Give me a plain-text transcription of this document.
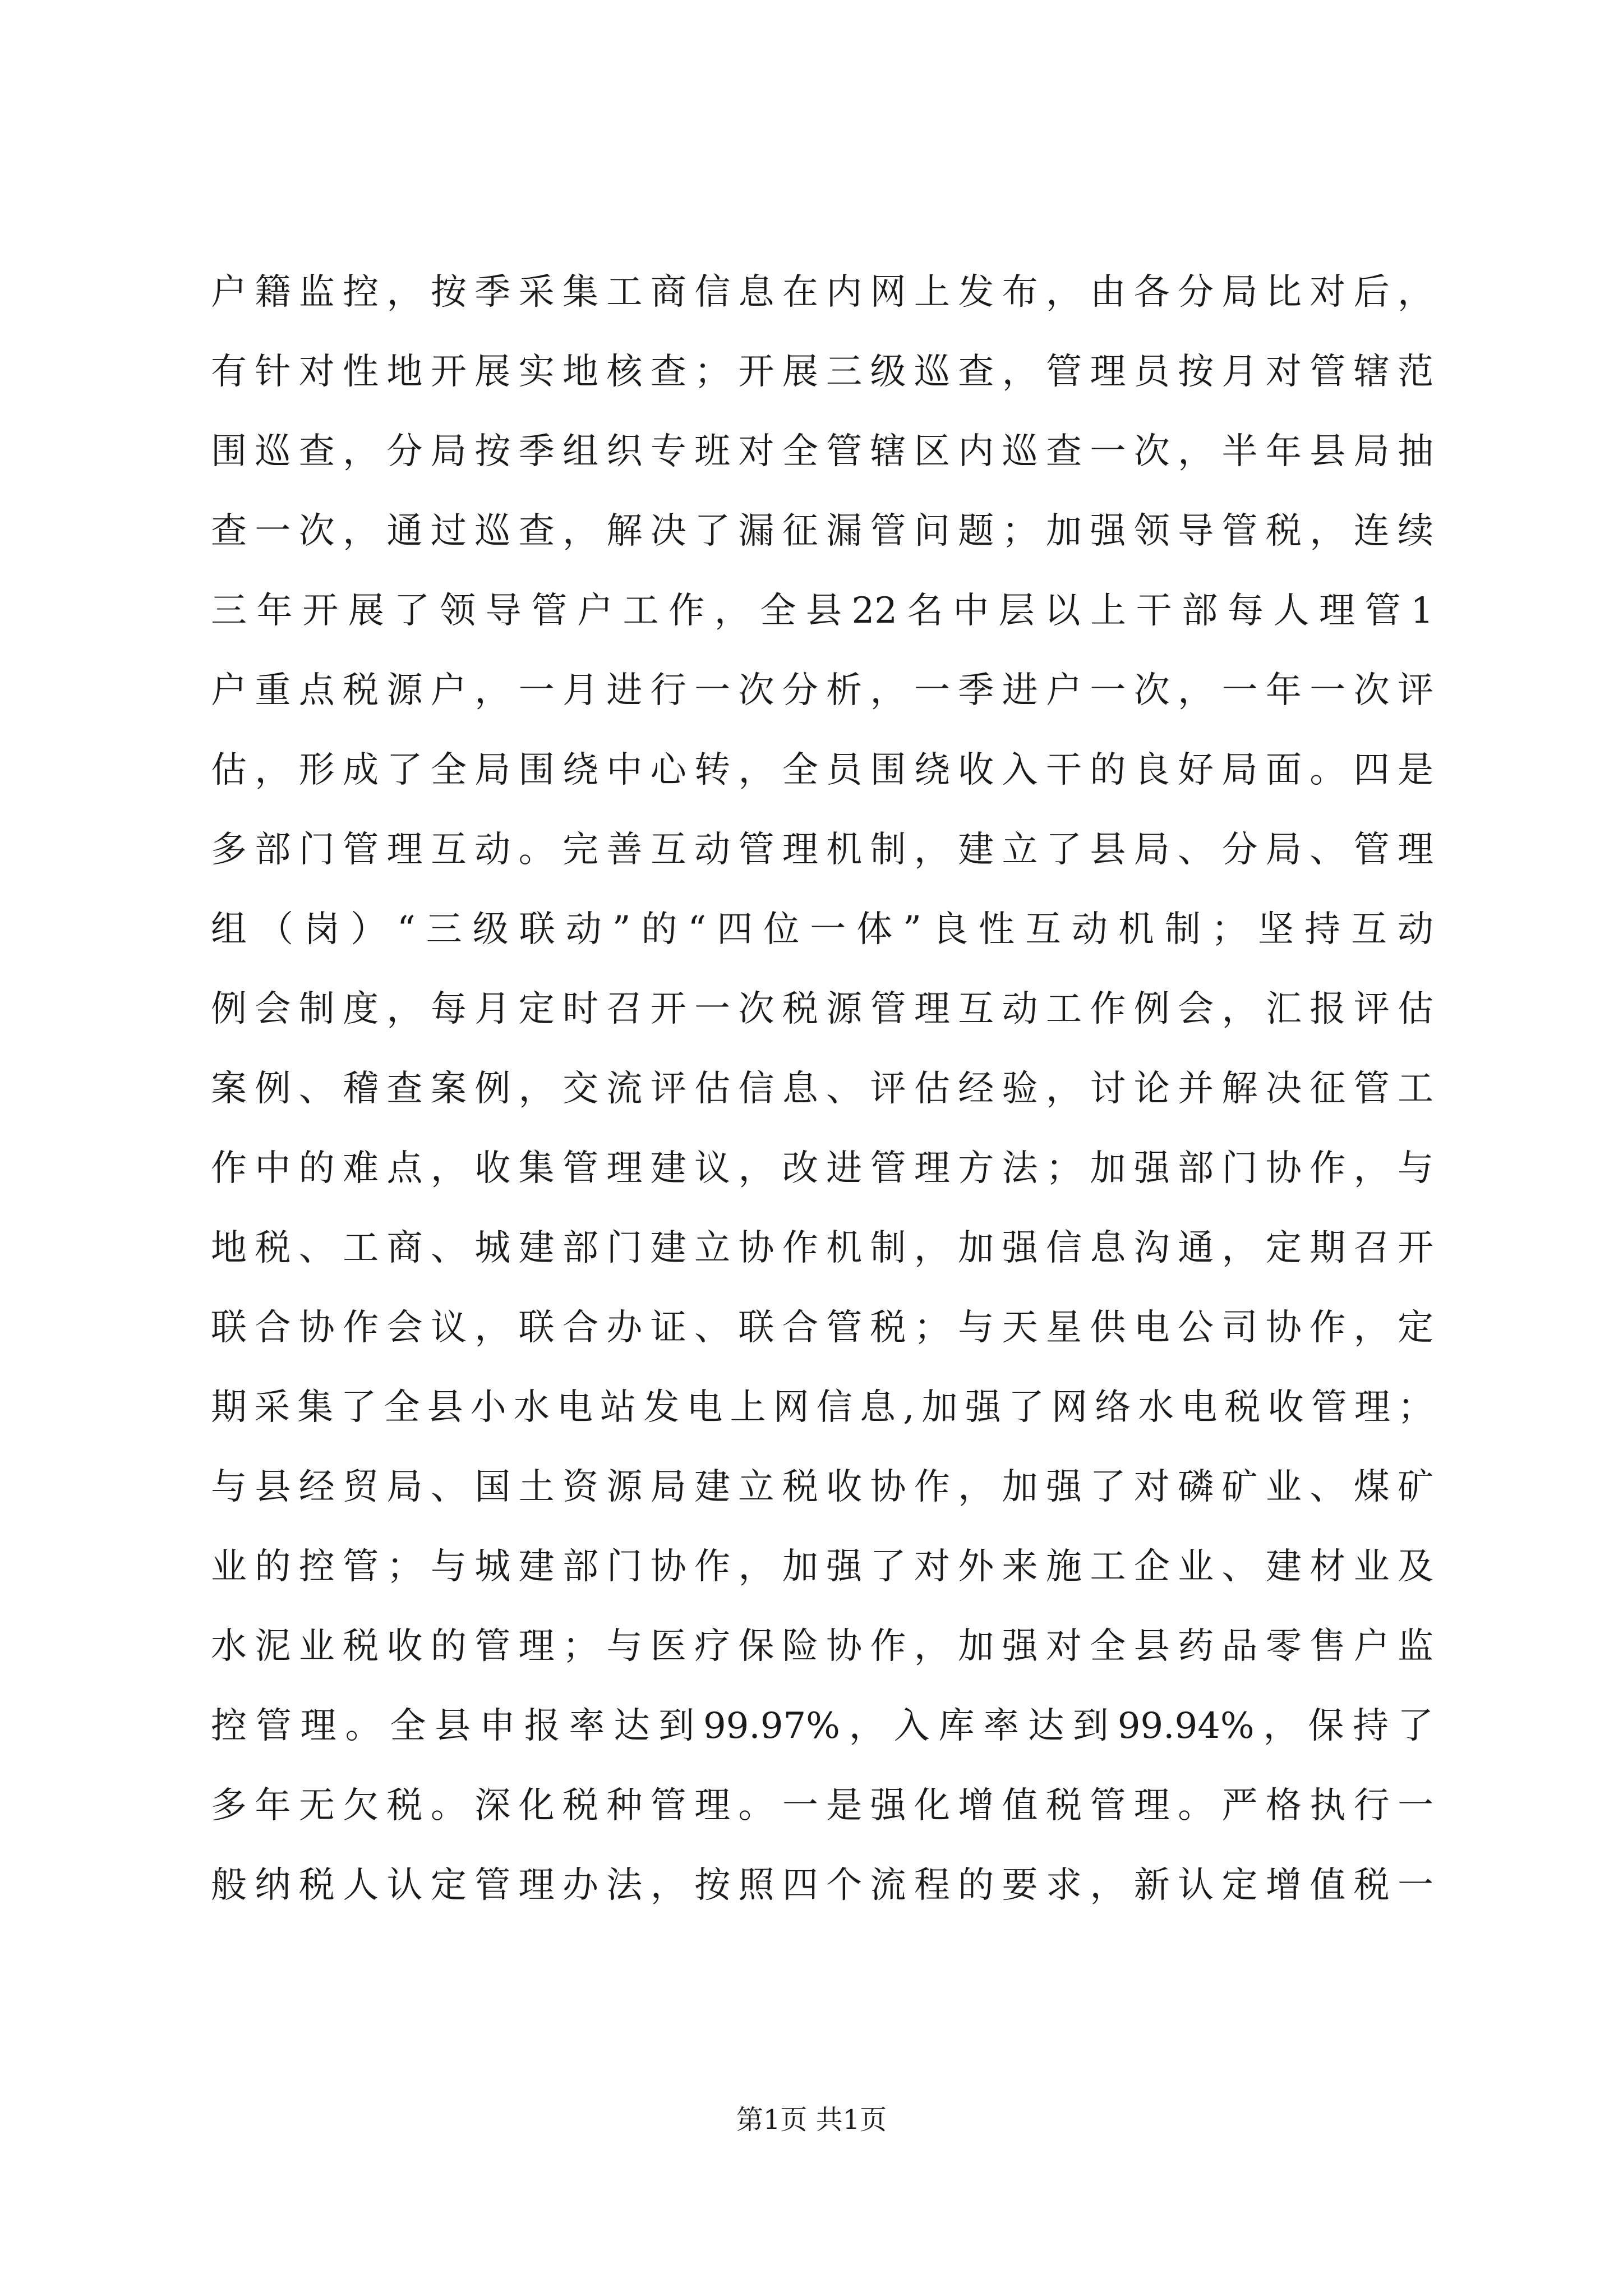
户籍监控，按季采集工商信息在内网上发布，由各分局比对后，
有针对性地开展实地核查；开展三级巡查，管理员按月对管辖范
围巡查，分局按季组织专班对全管辖区内巡查一次，半年县局抽
查一次，通过巡查，解决了漏征漏管问题；加强领导管税，连续
三年开展了领导管户工作，全县22名中层以上干部每人理管1
户重点税源户，一月进行一次分析，一季进户一次，一年一次评
估，形成了全局围绕中心转，全员围绕收入干的良好局面。四是
多部门管理互动。完善互动管理机制，建立了县局、分局、管理
组（岗）“三级联动”的“四位一体”良性互动机制；坚持互动
例会制度，每月定时召开一次税源管理互动工作例会，汇报评估
案例、稽查案例，交流评估信息、评估经验，讨论并解决征管工
作中的难点，收集管理建议，改进管理方法；加强部门协作，与
地税、工商、城建部门建立协作机制，加强信息沟通，定期召开
联合协作会议，联合办证、联合管税；与天星供电公司协作，定
期采集了全县小水电站发电上网信息,加强了网络水电税收管理；
与县经贸局、国土资源局建立税收协作，加强了对磷矿业、煤矿
业的控管；与城建部门协作，加强了对外来施工企业、建材业及
水泥业税收的管理；与医疗保险协作，加强对全县药品零售户监
控管理。全县申报率达到99.97%，入库率达到99.94%，保持了
多年无欠税。深化税种管理。一是强化增值税管理。严格执行一
般纳税人认定管理办法，按照四个流程的要求，新认定增值税一
第1页 共1页
